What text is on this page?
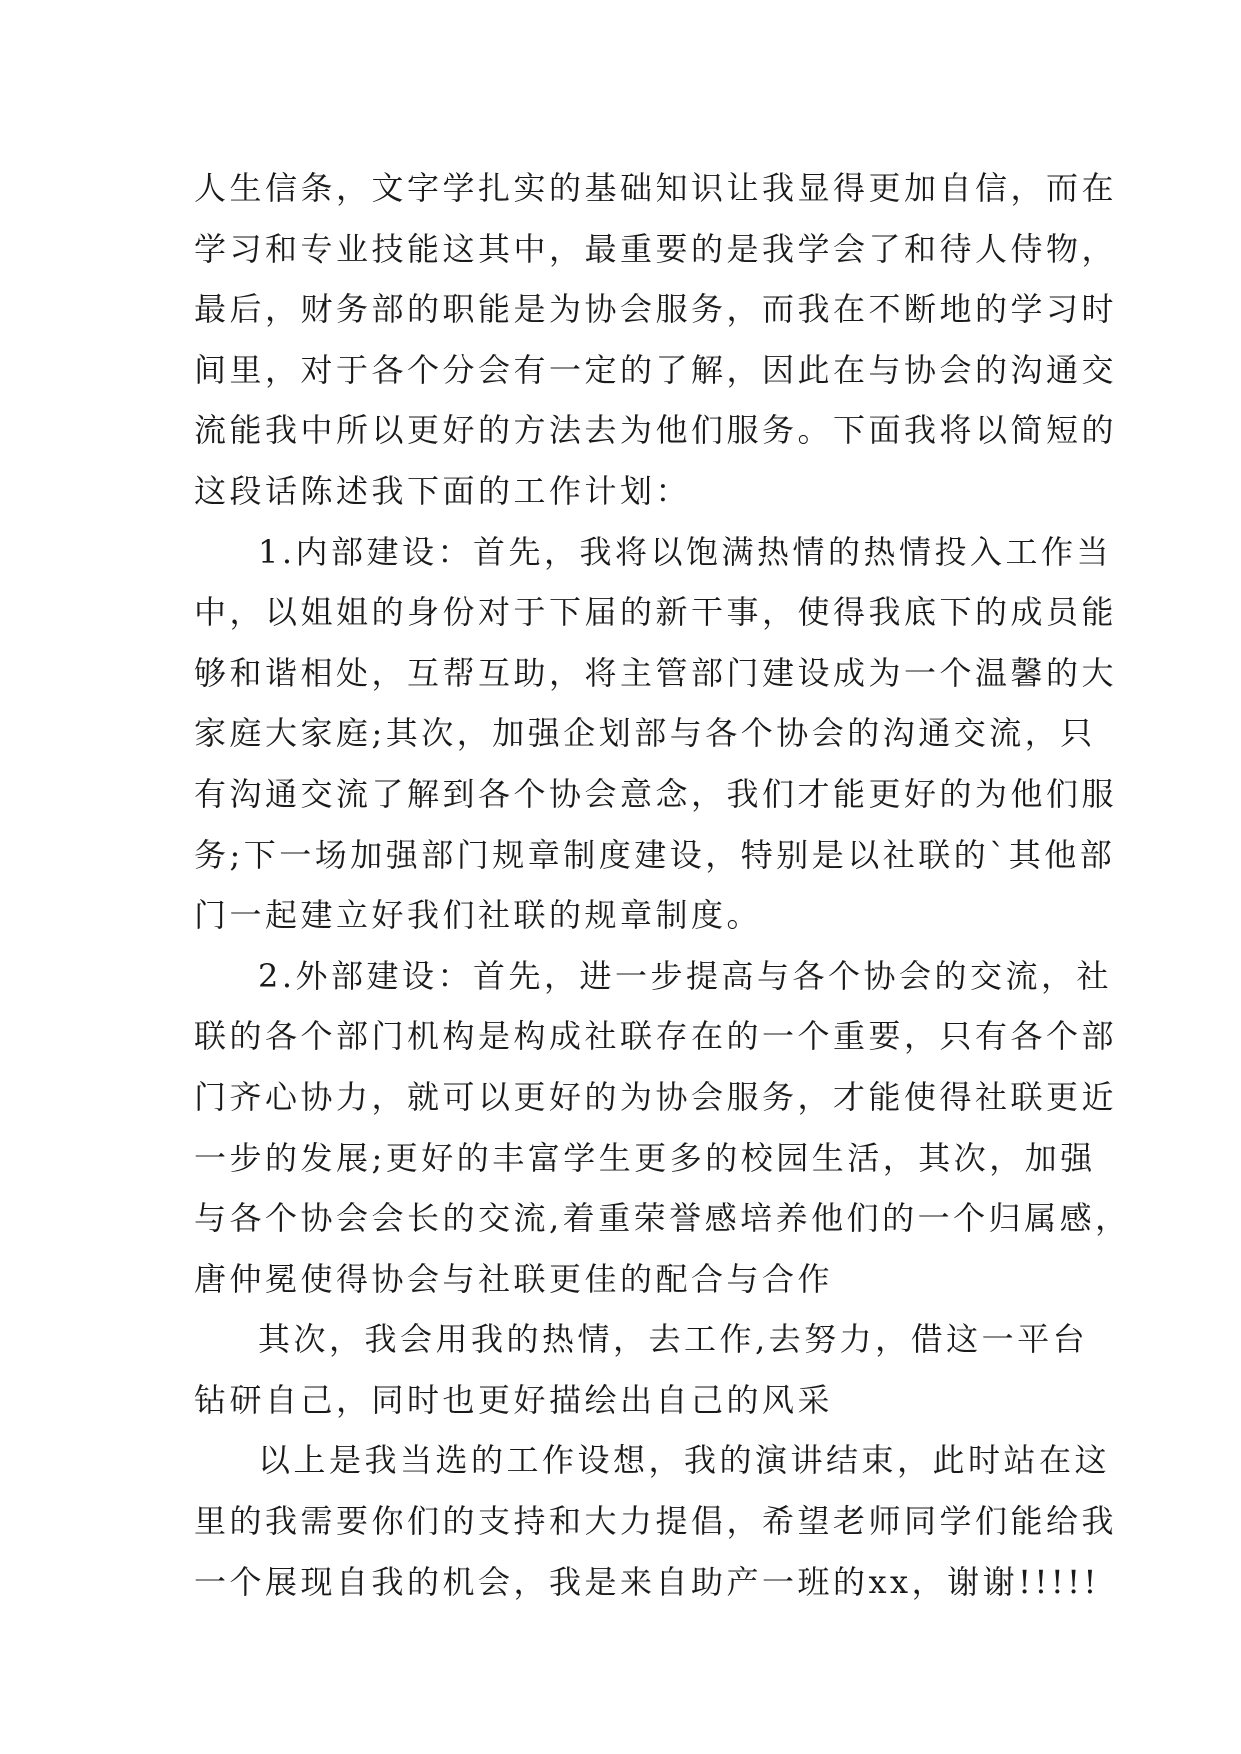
人生信条，文字学扎实的基础知识让我显得更加自信，而在
学习和专业技能这其中，最重要的是我学会了和待人侍物，
最后，财务部的职能是为协会服务，而我在不断地的学习时
间里，对于各个分会有一定的了解，因此在与协会的沟通交
流能我中所以更好的方法去为他们服务。下面我将以简短的
这段话陈述我下面的工作计划：
1.内部建设：首先，我将以饱满热情的热情投入工作当
中，以姐姐的身份对于下届的新干事，使得我底下的成员能
够和谐相处，互帮互助，将主管部门建设成为一个温馨的大
家庭大家庭;其次，加强企划部与各个协会的沟通交流，只
有沟通交流了解到各个协会意念，我们才能更好的为他们服
务;下一场加强部门规章制度建设，特别是以社联的`其他部
门一起建立好我们社联的规章制度。
2.外部建设：首先，进一步提高与各个协会的交流，社
联的各个部门机构是构成社联存在的一个重要，只有各个部
门齐心协力，就可以更好的为协会服务，才能使得社联更近
一步的发展;更好的丰富学生更多的校园生活，其次，加强
与各个协会会长的交流,着重荣誉感培养他们的一个归属感，
唐仲冕使得协会与社联更佳的配合与合作
其次，我会用我的热情，去工作,去努力，借这一平台
钻研自己，同时也更好描绘出自己的风采
以上是我当选的工作设想，我的演讲结束，此时站在这
里的我需要你们的支持和大力提倡，希望老师同学们能给我
一个展现自我的机会，我是来自助产一班的xx，谢谢!!!!!
